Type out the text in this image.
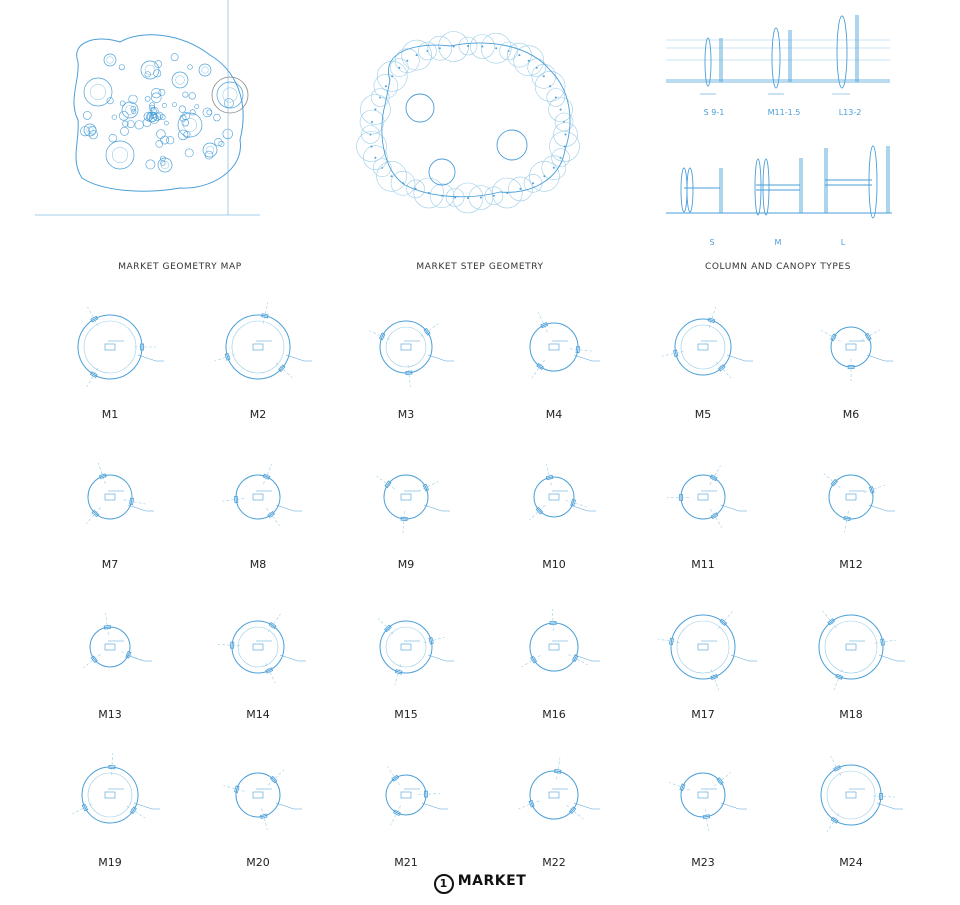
MARKET GEOMETRY MAP	MARKET STEP GEOMETRY
S 9-1	M11-1.5	L13-2
S	M	L
COLUMN AND CANOPY TYPES
M1	M2	M3	M4	M5	M6
M7	M8	M9	M10	M11	M12
M13	M14	M15	M16	M17	M18
M19	M20	M21	M22	M23	M24
1 MARKET
